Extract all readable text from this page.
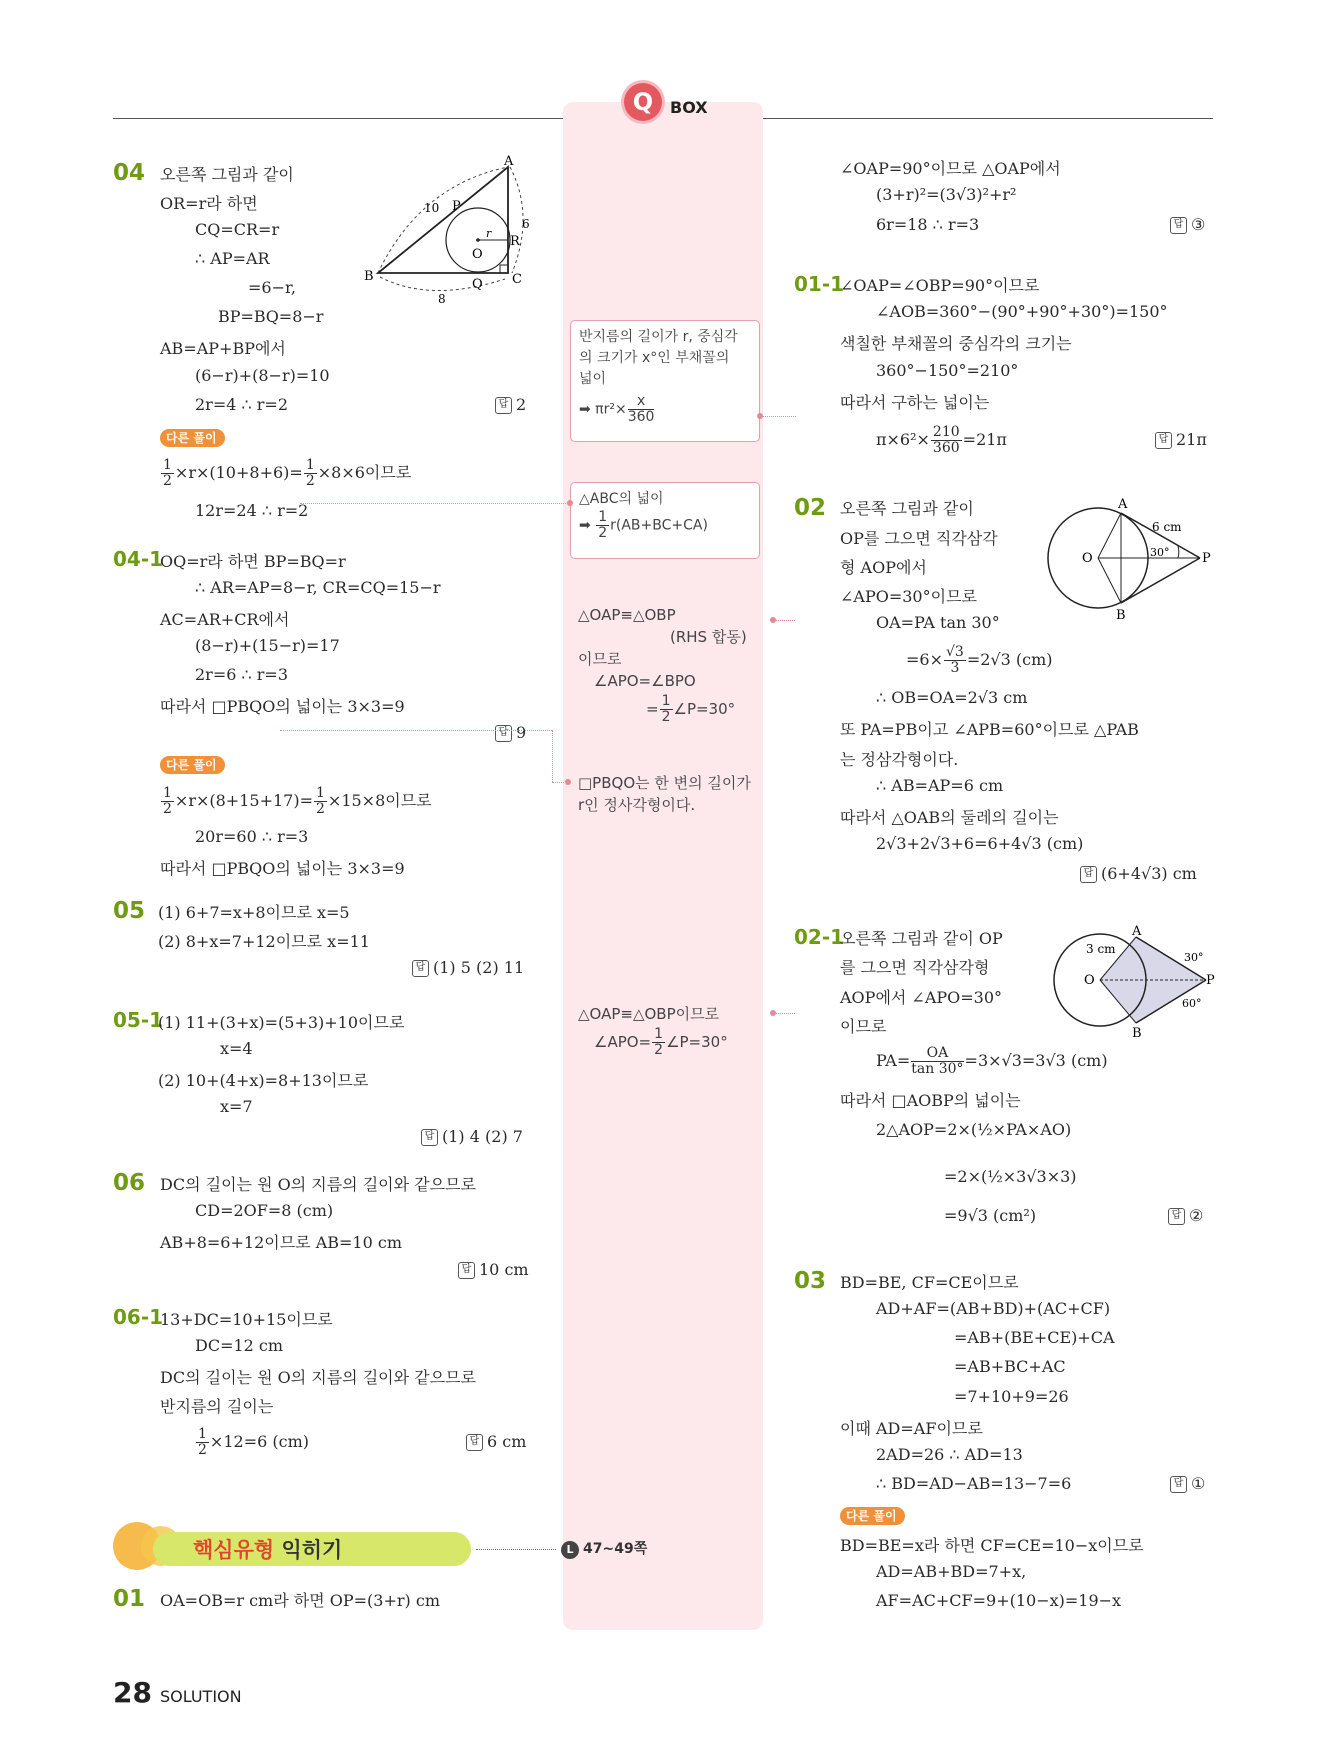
Q	BOX
04 오른쪽 그림과 같이
OR=r라 하면
CQ=CR=r
∴ AP=AR
=6−r,
BP=BQ=8−r
AB=AP+BP에서
(6−r)+(8−r)=10
2r=4 ∴ r=2	답 2
A
B	C
O
P
Q
R
r
10
6
8
다른 풀이
$\frac{1}{2} \times r\times(10+8+6)= \frac{1}{2} \times 8\times 6$이므로
12r=24 ∴ r=2
04-1
OQ=r라 하면 BP=BQ=r
∴ AR=AP=8−r, CR=CQ=15−r
AC=AR+CR에서
(8−r)+(15−r)=17
2r=6 ∴ r=3
따라서 □PBQO의 넓이는 3×3=9
답 9
다른 풀이
$\frac{1}{2} \times r\times(8+15+17)= \frac{1}{2} \times 15\times 8$이므로
20r=60 ∴ r=3
따라서 □PBQO의 넓이는 3×3=9
05 (1) 6+7=x+8이므로 x=5
(2) 8+x=7+12이므로 x=11
답 (1) 5 (2) 11
05-1
(1) 11+(3+x)=(5+3)+10이므로
x=4
(2) 10+(4+x)=8+13이므로
x=7
답 (1) 4 (2) 7
06 DC의 길이는 원 O의 지름의 길이와 같으므로
CD=2OF=8 (cm)
AB+8=6+12이므로 AB=10 cm
답 10 cm
06-1
13+DC=10+15이므로
DC=12 cm
DC의 길이는 원 O의 지름의 길이와 같으므로
반지름의 길이는
$\frac{1}{2} \times 12=6$ (cm)	답 6 cm
핵심유형 익히기	L 47~49쪽
01 OA=OB=r cm라 하면 OP=(3+r) cm
반지름의 길이가 r, 중심각
의 크기가 x°인 부채꼴의
넓이
➡ $\pi r^2\times \frac{x}{360}$
△ABC의 넓이
➡ $\frac{1}{2} r(AB+BC+CA)$
△OAP≡△OBP
(RHS 합동)
이므로
∠APO=∠BPO
= $\frac{1}{2}$ ∠P=30°
□PBQO는 한 변의 길이가
r인 정사각형이다.
△OAP≡△OBP이므로
∠APO= $\frac{1}{2}$ ∠P=30°
∠OAP=90°이므로 △OAP에서
(3+r)²=(3√3)²+r²
6r=18 ∴ r=3	답 ③
01-1
∠OAP=∠OBP=90°이므로
∠AOB=360°−(90°+90°+30°)=150°
색칠한 부채꼴의 중심각의 크기는
360°−150°=210°
따라서 구하는 넓이는
$\pi\times 6^2\times \frac{210}{360} =21\pi$	답 21π
02 오른쪽 그림과 같이
OP를 그으면 직각삼각
형 AOP에서
∠APO=30°이므로
OA=PA tan 30°
$=6\times \frac{√3}{3} =2√3$ (cm)
∴ OB=OA=2√3 cm
또 PA=PB이고 ∠APB=60°이므로 △PAB
는 정삼각형이다.
∴ AB=AP=6 cm
따라서 △OAB의 둘레의 길이는
2√3+2√3+6=6+4√3 (cm)
답 (6+4√3) cm
A
B
O	P
6 cm
30°
02-1
오른쪽 그림과 같이 OP
를 그으면 직각삼각형
AOP에서 ∠APO=30°
이므로
$PA= \frac{OA}{\tan 30^\circ} =3\times√3=3√3$ (cm)
따라서 □AOBP의 넓이는
2△AOP=2×(½×PA×AO)
=2×(½×3√3×3)
=9√3 (cm²)	답 ②
A
B
O	P
3 cm
30°
60°
03 BD=BE, CF=CE이므로
AD+AF=(AB+BD)+(AC+CF)
=AB+(BE+CE)+CA
=AB+BC+AC
=7+10+9=26
이때 AD=AF이므로
2AD=26 ∴ AD=13
∴ BD=AD−AB=13−7=6	답 ①
다른 풀이
BD=BE=x라 하면 CF=CE=10−x이므로
AD=AB+BD=7+x,
AF=AC+CF=9+(10−x)=19−x
28 SOLUTION
